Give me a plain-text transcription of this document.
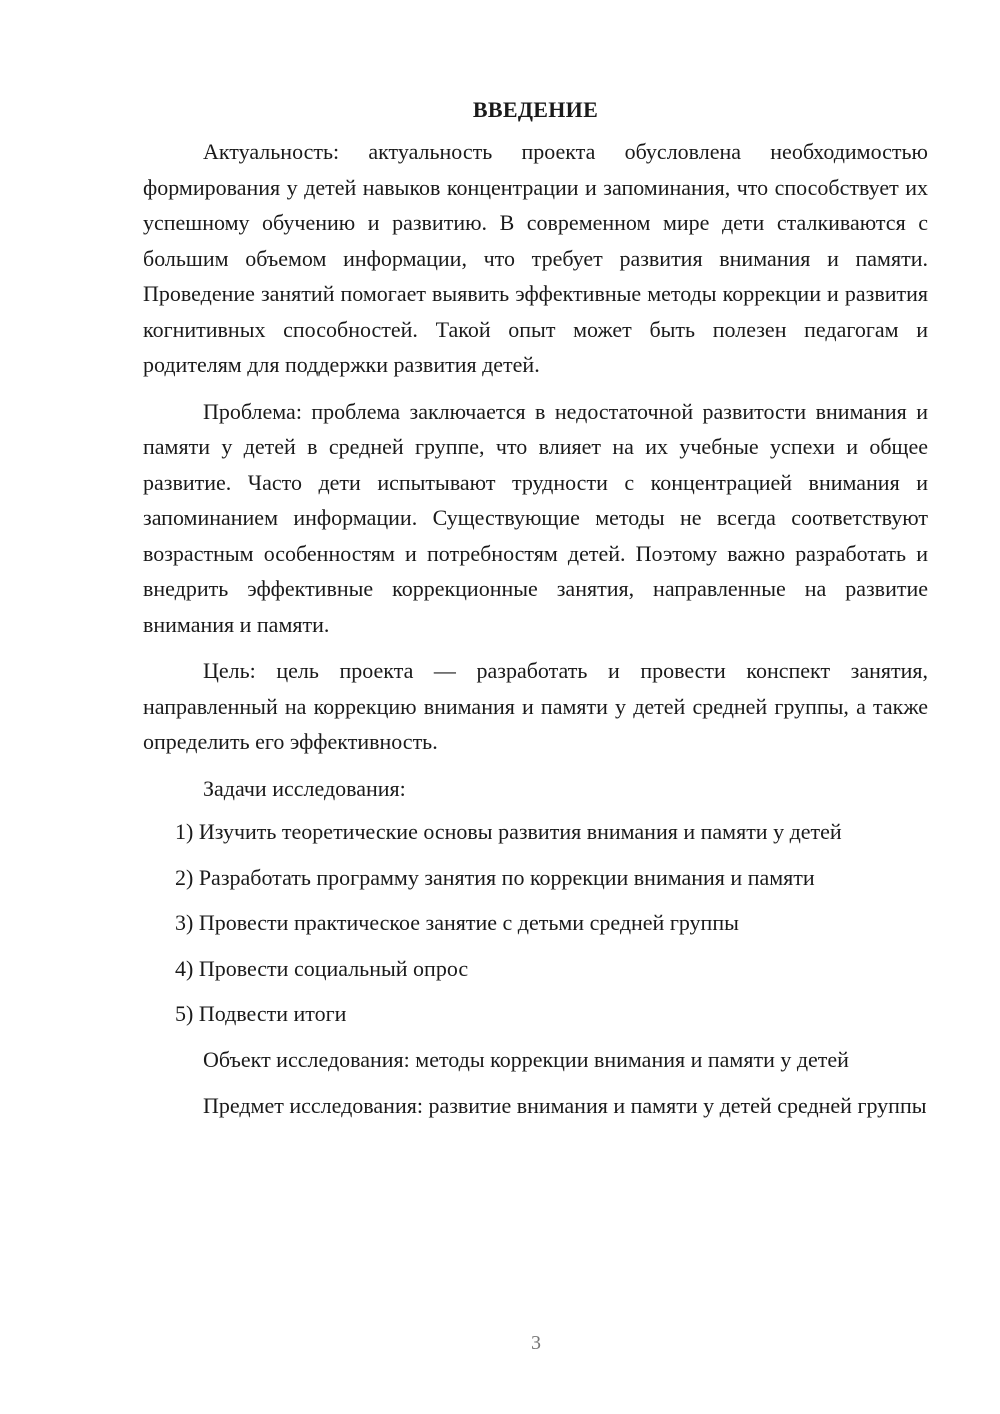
ВВЕДЕНИЕ

Актуальность: актуальность проекта обусловлена необходимостью формирования у детей навыков концентрации и запоминания, что способствует их успешному обучению и развитию. В современном мире дети сталкиваются с большим объемом информации, что требует развития внимания и памяти. Проведение занятий помогает выявить эффективные методы коррекции и развития когнитивных способностей. Такой опыт может быть полезен педагогам и родителям для поддержки развития детей.

Проблема: проблема заключается в недостаточной развитости внимания и памяти у детей в средней группе, что влияет на их учебные успехи и общее развитие. Часто дети испытывают трудности с концентрацией внимания и запоминанием информации. Существующие методы не всегда соответствуют возрастным особенностям и потребностям детей. Поэтому важно разработать и внедрить эффективные коррекционные занятия, направленные на развитие внимания и памяти.

Цель: цель проекта — разработать и провести конспект занятия, направленный на коррекцию внимания и памяти у детей средней группы, а также определить его эффективность.

Задачи исследования:

1) Изучить теоретические основы развития внимания и памяти у детей
2) Разработать программу занятия по коррекции внимания и памяти
3) Провести практическое занятие с детьми средней группы
4) Провести социальный опрос
5) Подвести итоги

Объект исследования: методы коррекции внимания и памяти у детей

Предмет исследования: развитие внимания и памяти у детей средней группы

3
